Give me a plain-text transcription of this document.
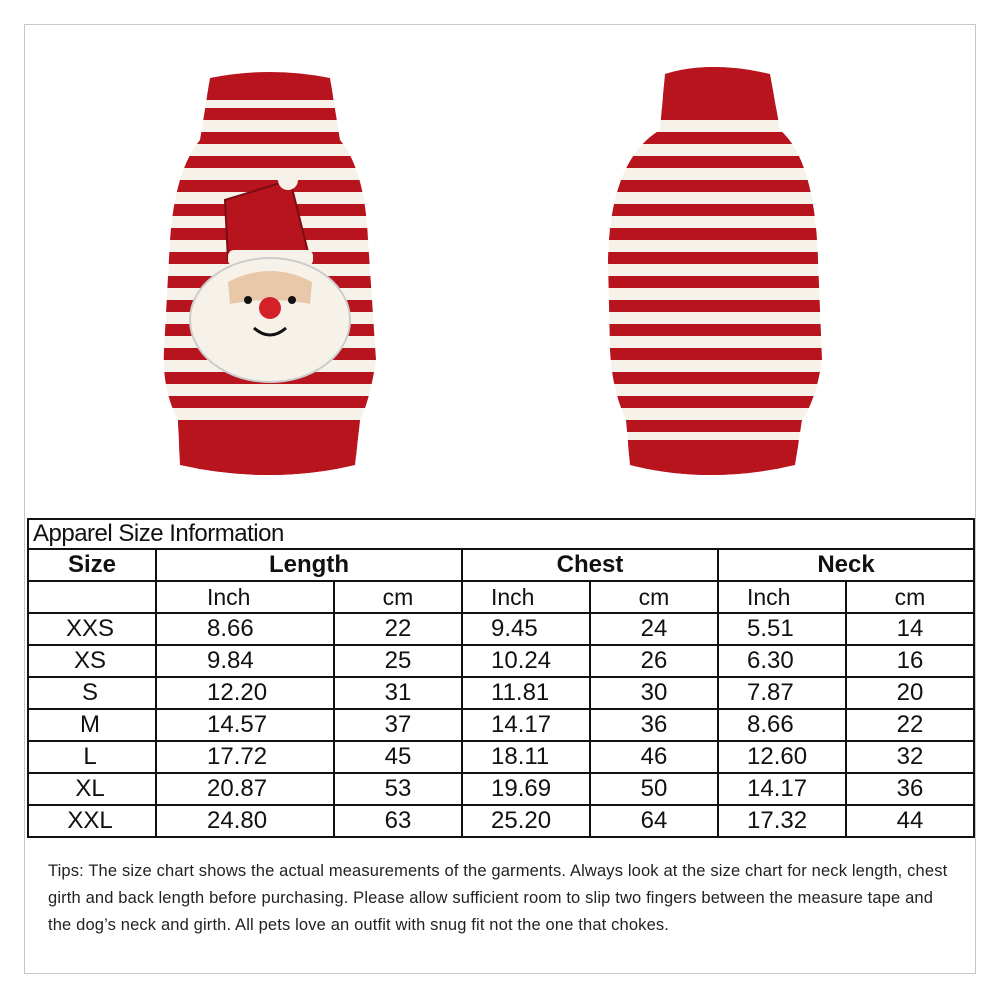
Apparel Size Information						
Size	Length		Chest		Neck	
	Inch	cm	Inch	cm	Inch	cm
XXS	8.66	22	9.45	24	5.51	14
XS	9.84	25	10.24	26	6.30	16
S	12.20	31	11.81	30	7.87	20
M	14.57	37	14.17	36	8.66	22
L	17.72	45	18.11	46	12.60	32
XL	20.87	53	19.69	50	14.17	36
XXL	24.80	63	25.20	64	17.32	44
Tips: The size chart shows the actual measurements of the garments. Always look at the size chart for neck length, chest girth and back length before purchasing. Please allow sufficient room to slip two fingers between the measure tape and the dog’s neck and girth. All pets love an outfit with snug fit not the one that chokes.
